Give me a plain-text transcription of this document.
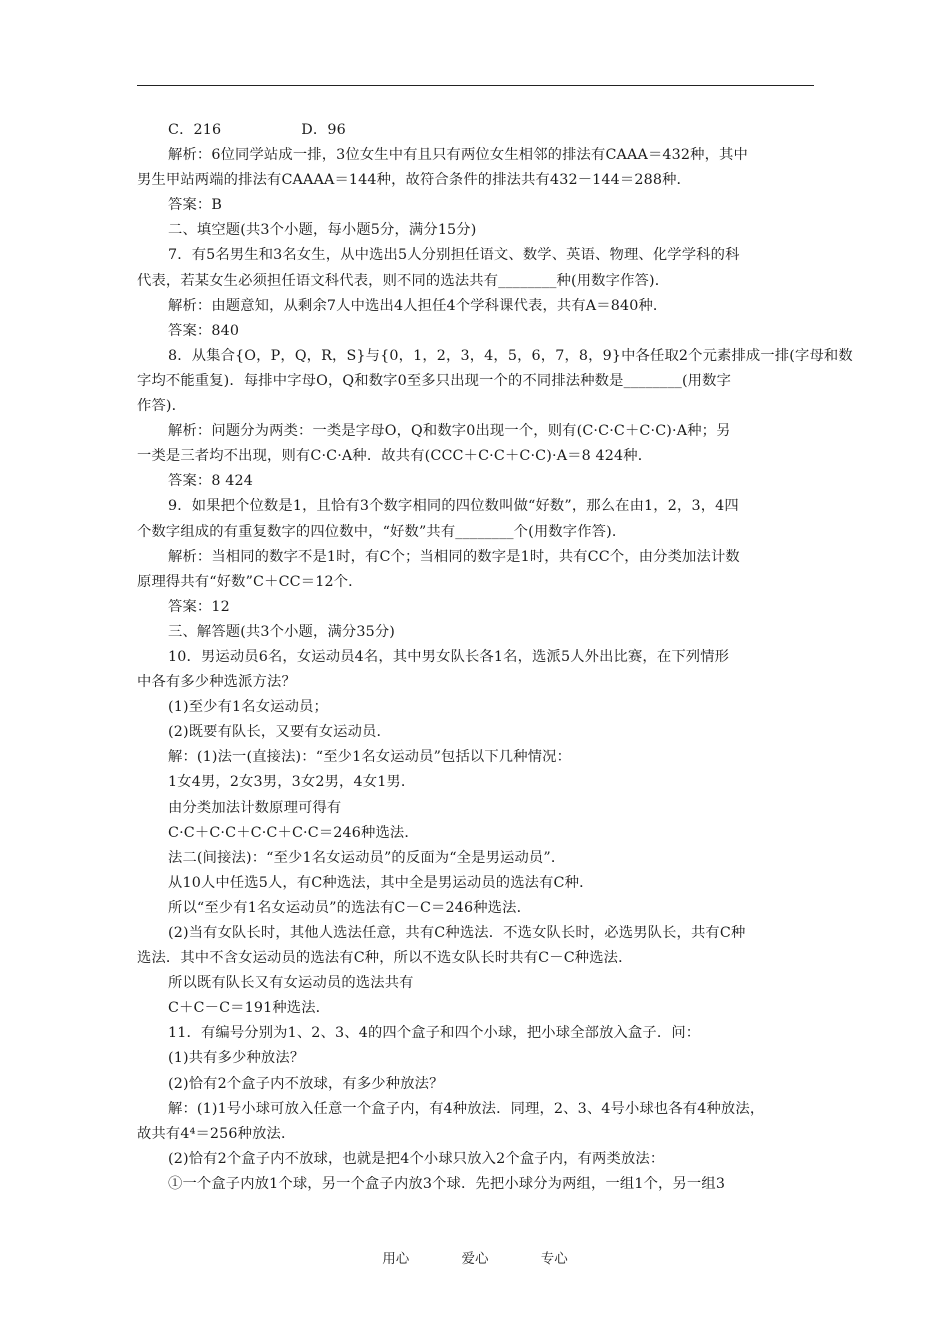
C．216	D．96
解析：6位同学站成一排，3位女生中有且只有两位女生相邻的排法有CAAA＝432种，其中
男生甲站两端的排法有CAAAA＝144种，故符合条件的排法共有432－144＝288种．
答案：B
二、填空题(共3个小题，每小题5分，满分15分)
7．有5名男生和3名女生，从中选出5人分别担任语文、数学、英语、物理、化学学科的科
代表，若某女生必须担任语文科代表，则不同的选法共有________种(用数字作答)．
解析：由题意知，从剩余7人中选出4人担任4个学科课代表，共有A＝840种．
答案：840
8．从集合{O，P，Q，R，S}与{0，1，2，3，4，5，6，7，8，9}中各任取2个元素排成一排(字母和数
字均不能重复)．每排中字母O，Q和数字0至多只出现一个的不同排法种数是________(用数字
作答)．
解析：问题分为两类：一类是字母O，Q和数字0出现一个，则有(C·C·C＋C·C)·A种；另
一类是三者均不出现，则有C·C·A种．故共有(CCC＋C·C＋C·C)·A＝8 424种．
答案：8 424
9．如果把个位数是1，且恰有3个数字相同的四位数叫做“好数”，那么在由1，2，3，4四
个数字组成的有重复数字的四位数中，“好数”共有________个(用数字作答)．
解析：当相同的数字不是1时，有C个；当相同的数字是1时，共有CC个，由分类加法计数
原理得共有“好数”C＋CC＝12个．
答案：12
三、解答题(共3个小题，满分35分)
10．男运动员6名，女运动员4名，其中男女队长各1名，选派5人外出比赛，在下列情形
中各有多少种选派方法？
(1)至少有1名女运动员；
(2)既要有队长，又要有女运动员．
解：(1)法一(直接法)：“至少1名女运动员”包括以下几种情况：
1女4男，2女3男，3女2男，4女1男．
由分类加法计数原理可得有
C·C＋C·C＋C·C＋C·C＝246种选法．
法二(间接法)：“至少1名女运动员”的反面为“全是男运动员”．
从10人中任选5人，有C种选法，其中全是男运动员的选法有C种．
所以“至少有1名女运动员”的选法有C－C＝246种选法．
(2)当有女队长时，其他人选法任意，共有C种选法．不选女队长时，必选男队长，共有C种
选法．其中不含女运动员的选法有C种，所以不选女队长时共有C－C种选法．
所以既有队长又有女运动员的选法共有
C＋C－C＝191种选法．
11．有编号分别为1、2、3、4的四个盒子和四个小球，把小球全部放入盒子．问：
(1)共有多少种放法？
(2)恰有2个盒子内不放球，有多少种放法？
解：(1)1号小球可放入任意一个盒子内，有4种放法．同理，2、3、4号小球也各有4种放法，
故共有4⁴＝256种放法．
(2)恰有2个盒子内不放球，也就是把4个小球只放入2个盒子内，有两类放法：
①一个盒子内放1个球，另一个盒子内放3个球．先把小球分为两组，一组1个，另一组3
用心	爱心	专心
